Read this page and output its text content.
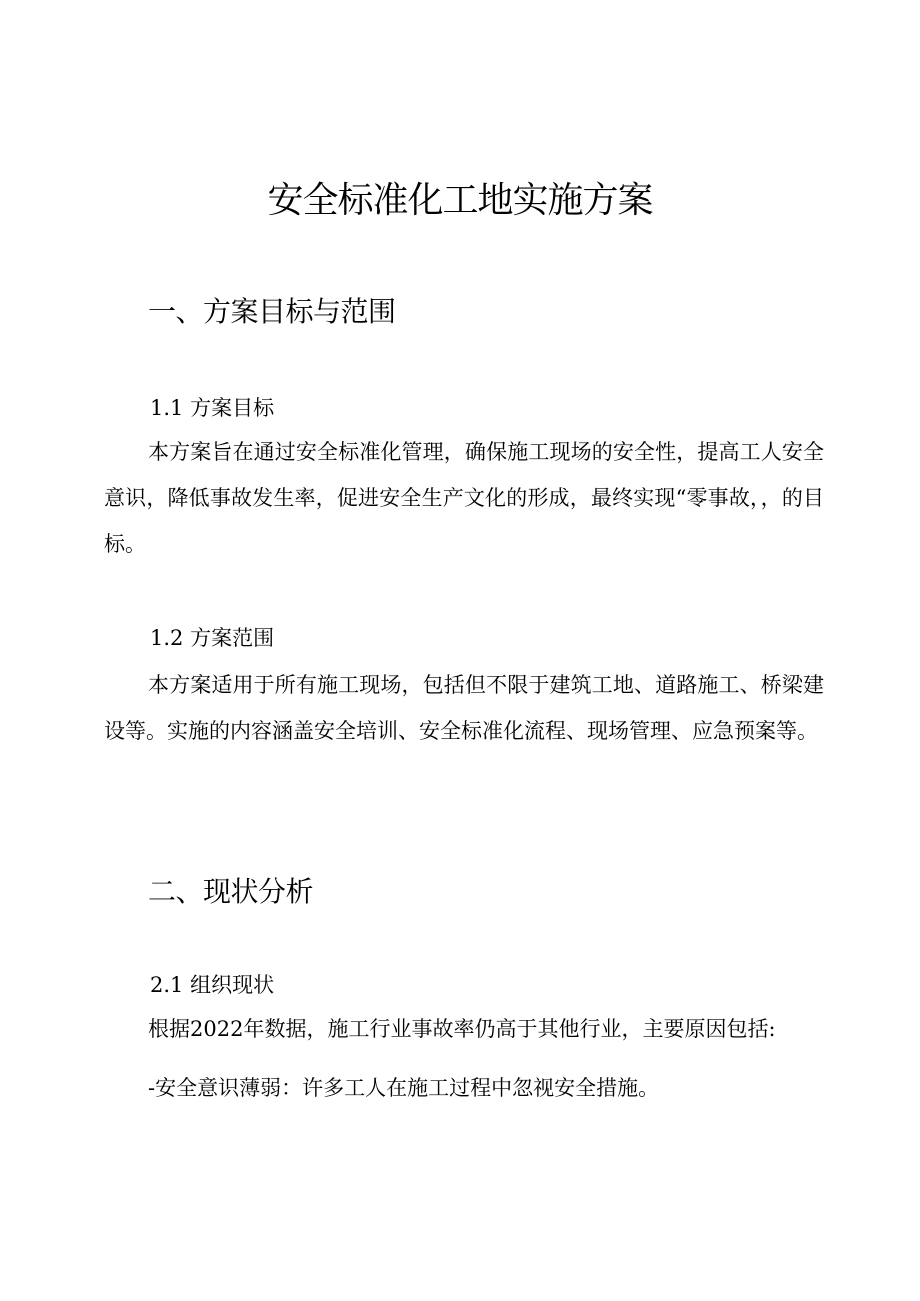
安全标准化工地实施方案
一、方案目标与范围
1.1 方案目标

本方案旨在通过安全标准化管理，确保施工现场的安全性，提高工人安全意识，降低事故发生率，促进安全生产文化的形成，最终实现“零事故，，的目标。

1.2 方案范围

本方案适用于所有施工现场，包括但不限于建筑工地、道路施工、桥梁建设等。实施的内容涵盖安全培训、安全标准化流程、现场管理、应急预案等。

二、现状分析
2.1 组织现状

根据2022年数据，施工行业事故率仍高于其他行业，主要原因包括:

-安全意识薄弱：许多工人在施工过程中忽视安全措施。
